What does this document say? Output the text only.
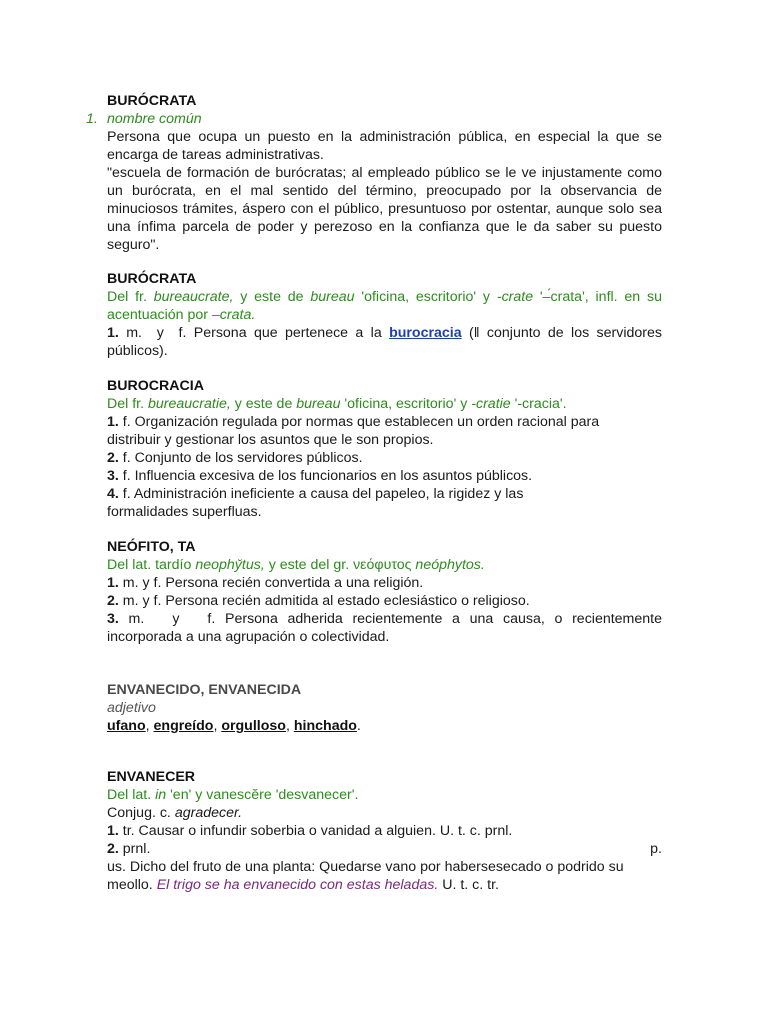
BURÓCRATA
nombre común
Persona que ocupa un puesto en la administración pública, en especial la que se encarga de tareas administrativas.
"escuela de formación de burócratas; al empleado público se le ve injustamente como un burócrata, en el mal sentido del término, preocupado por la observancia de minuciosos trámites, áspero con el público, presuntuoso por ostentar, aunque solo sea una ínfima parcela de poder y perezoso en la confianza que le da saber su puesto seguro".
1.
BURÓCRATA
Del fr. bureaucrate, y este de bureau 'oficina, escritorio' y -crate '–́crata', infl. en su acentuación por –crata.
1. m. y f. Persona que pertenece a la burocracia (ǁ conjunto de los servidores públicos).
BUROCRACIA
Del fr. bureaucratie, y este de bureau 'oficina, escritorio' y -cratie '-cracia'.
1. f. Organización regulada por normas que establecen un orden racional para distribuir y gestionar los asuntos que le son propios.
2. f. Conjunto de los servidores públicos.
3. f. Influencia excesiva de los funcionarios en los asuntos públicos.
4. f. Administración ineficiente a causa del papeleo, la rigidez y las formalidades superfluas.
NEÓFITO, TA
Del lat. tardío neophy̆tus, y este del gr. νεόφυτος neóphytos.
1. m. y f. Persona recién convertida a una religión.
2. m. y f. Persona recién admitida al estado eclesiástico o religioso.
3. m. y f. Persona adherida recientemente a una causa, o recientemente incorporada a una agrupación o colectividad.
ENVANECIDO, ENVANECIDA
adjetivo
ufano, engreído, orgulloso, hinchado.
ENVANECER
Del lat. in 'en' y vanescĕre 'desvanecer'.
Conjug. c. agradecer.
1. tr. Causar o infundir soberbia o vanidad a alguien. U. t. c. prnl.
2. prnl.	p.
us. Dicho del fruto de una planta: Quedarse vano por habersesecado o podrido su meollo. El trigo se ha envanecido con estas heladas. U. t. c. tr.
